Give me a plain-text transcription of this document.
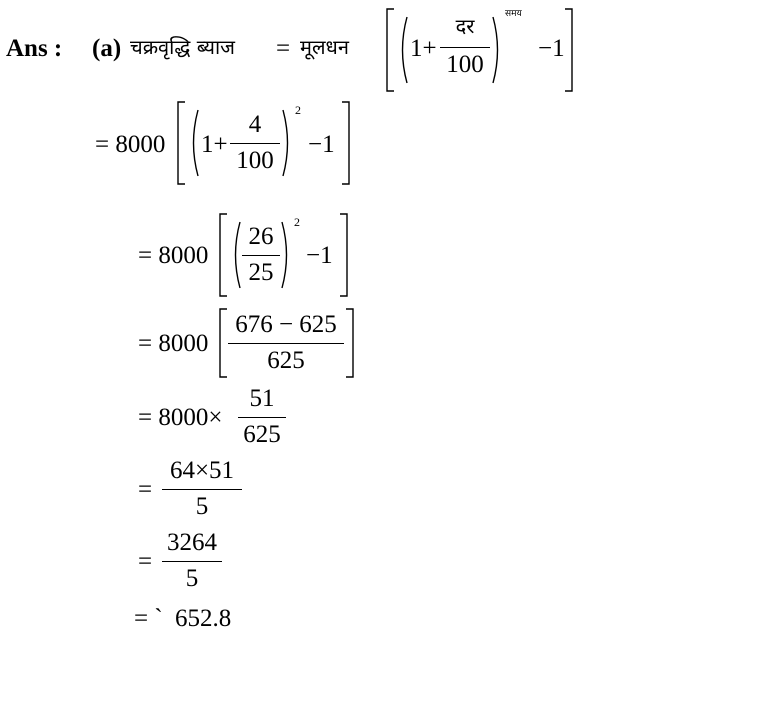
Ans : (a) चक्रवृद्धि ब्याज = मूलधन 1+
दर
100
समय
−1
= 8000 1+
4
100
2
−1
= 8000
26
25
2
−1
= 8000
676 − 625
625
= 8000×
51
625
=
64×51
5
=
3264
5
= ` 652.8
